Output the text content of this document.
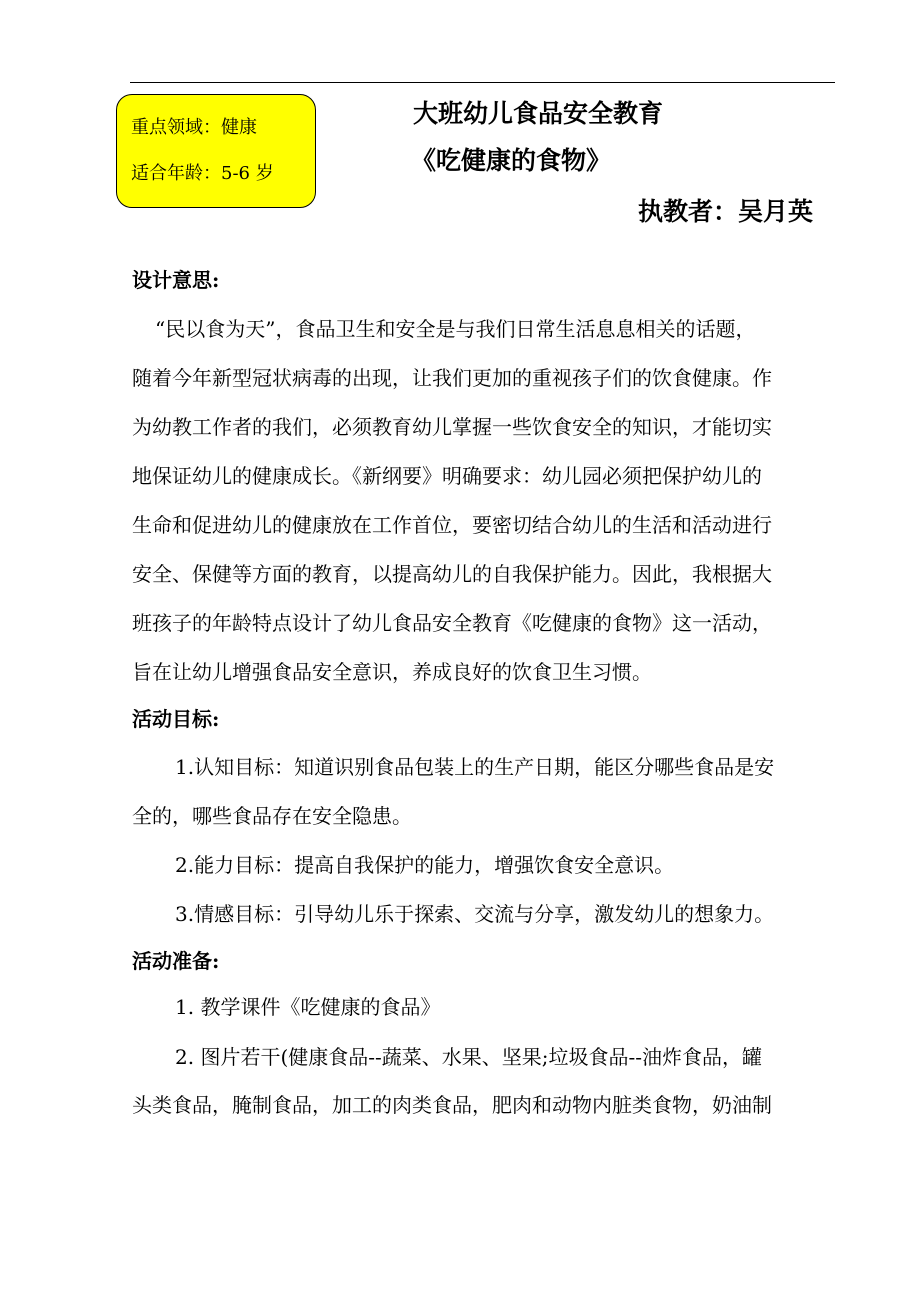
重点领域：健康
适合年龄：5-6 岁
大班幼儿食品安全教育
《吃健康的食物》
执教者：吴月英
设计意思:
“民以食为天”，食品卫生和安全是与我们日常生活息息相关的话题，
随着今年新型冠状病毒的出现，让我们更加的重视孩子们的饮食健康。作
为幼教工作者的我们，必须教育幼儿掌握一些饮食安全的知识，才能切实
地保证幼儿的健康成长。《新纲要》明确要求：幼儿园必须把保护幼儿的
生命和促进幼儿的健康放在工作首位，要密切结合幼儿的生活和活动进行
安全、保健等方面的教育，以提高幼儿的自我保护能力。因此，我根据大
班孩子的年龄特点设计了幼儿食品安全教育《吃健康的食物》这一活动，
旨在让幼儿增强食品安全意识，养成良好的饮食卫生习惯。
活动目标:
1.认知目标：知道识别食品包装上的生产日期，能区分哪些食品是安
全的，哪些食品存在安全隐患。
2.能力目标：提高自我保护的能力，增强饮食安全意识。
3.情感目标：引导幼儿乐于探索、交流与分享，激发幼儿的想象力。
活动准备:
1. 教学课件《吃健康的食品》
2. 图片若干(健康食品--蔬菜、水果、坚果;垃圾食品--油炸食品，罐
头类食品，腌制食品，加工的肉类食品，肥肉和动物内脏类食物，奶油制
